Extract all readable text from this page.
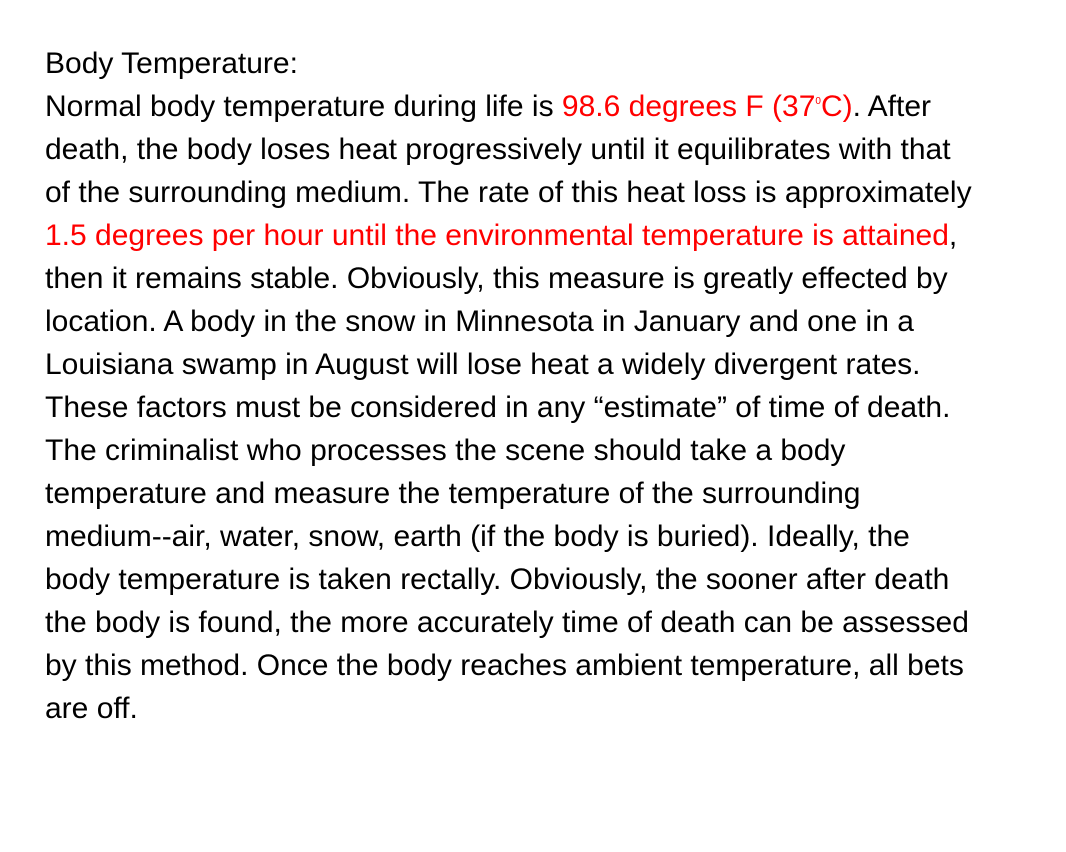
Body Temperature:

Normal body temperature during life is 98.6 degrees F $(37^0C)$. After death, the body loses heat progressively until it equilibrates with that of the surrounding medium. The rate of this heat loss is approximately 1.5 degrees per hour until the environmental temperature is attained, then it remains stable. Obviously, this measure is greatly effected by location. A body in the snow in Minnesota in January and one in a Louisiana swamp in August will lose heat a widely divergent rates. These factors must be considered in any “estimate” of time of death.

The criminalist who processes the scene should take a body temperature and measure the temperature of the surrounding medium--air, water, snow, earth (if the body is buried). Ideally, the body temperature is taken rectally. Obviously, the sooner after death the body is found, the more accurately time of death can be assessed by this method. Once the body reaches ambient temperature, all bets are off.
